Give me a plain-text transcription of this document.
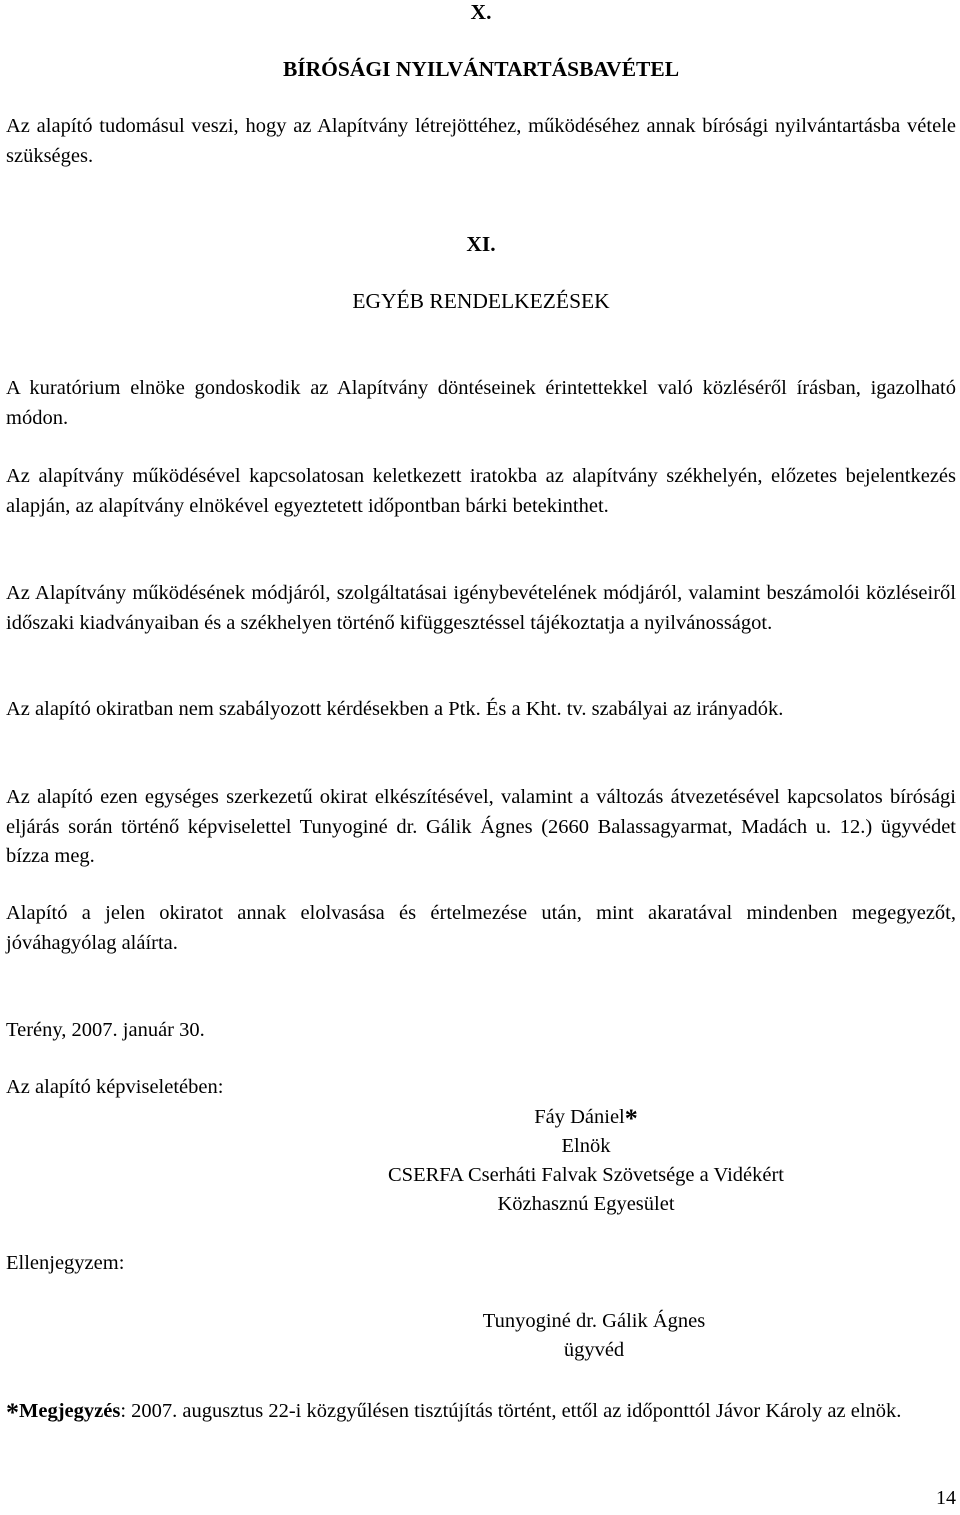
X.
BÍRÓSÁGI NYILVÁNTARTÁSBAVÉTEL

Az alapító tudomásul veszi, hogy az Alapítvány létrejöttéhez, működéséhez annak bírósági nyilvántartásba vétele szükséges.

XI.
EGYÉB RENDELKEZÉSEK

A kuratórium elnöke gondoskodik az Alapítvány döntéseinek érintettekkel való közléséről írásban, igazolható módon.

Az alapítvány működésével kapcsolatosan keletkezett iratokba az alapítvány székhelyén, előzetes bejelentkezés alapján, az alapítvány elnökével egyeztetett időpontban bárki betekinthet.

Az Alapítvány működésének módjáról, szolgáltatásai igénybevételének módjáról, valamint beszámolói közléseiről időszaki kiadványaiban és a székhelyen történő kifüggesztéssel tájékoztatja a nyilvánosságot.

Az alapító okiratban nem szabályozott kérdésekben a Ptk. És a Kht. tv. szabályai az irányadók.

Az alapító ezen egységes szerkezetű okirat elkészítésével, valamint a változás átvezetésével kapcsolatos bírósági eljárás során történő képviselettel Tunyoginé dr. Gálik Ágnes (2660 Balassagyarmat, Madách u. 12.) ügyvédet bízza meg.

Alapító a jelen okiratot annak elolvasása és értelmezése után, mint akaratával mindenben megegyezőt, jóváhagyólag aláírta.

Terény, 2007. január 30.
Az alapító képviseletében:
Fáy Dániel*
Elnök
CSERFA Cserháti Falvak Szövetsége a Vidékért
Közhasznú Egyesület
Ellenjegyzem:
Tunyoginé dr. Gálik Ágnes
ügyvéd

*Megjegyzés: 2007. augusztus 22-i közgyűlésen tisztújítás történt, ettől az időponttól Jávor Károly az elnök.

14
